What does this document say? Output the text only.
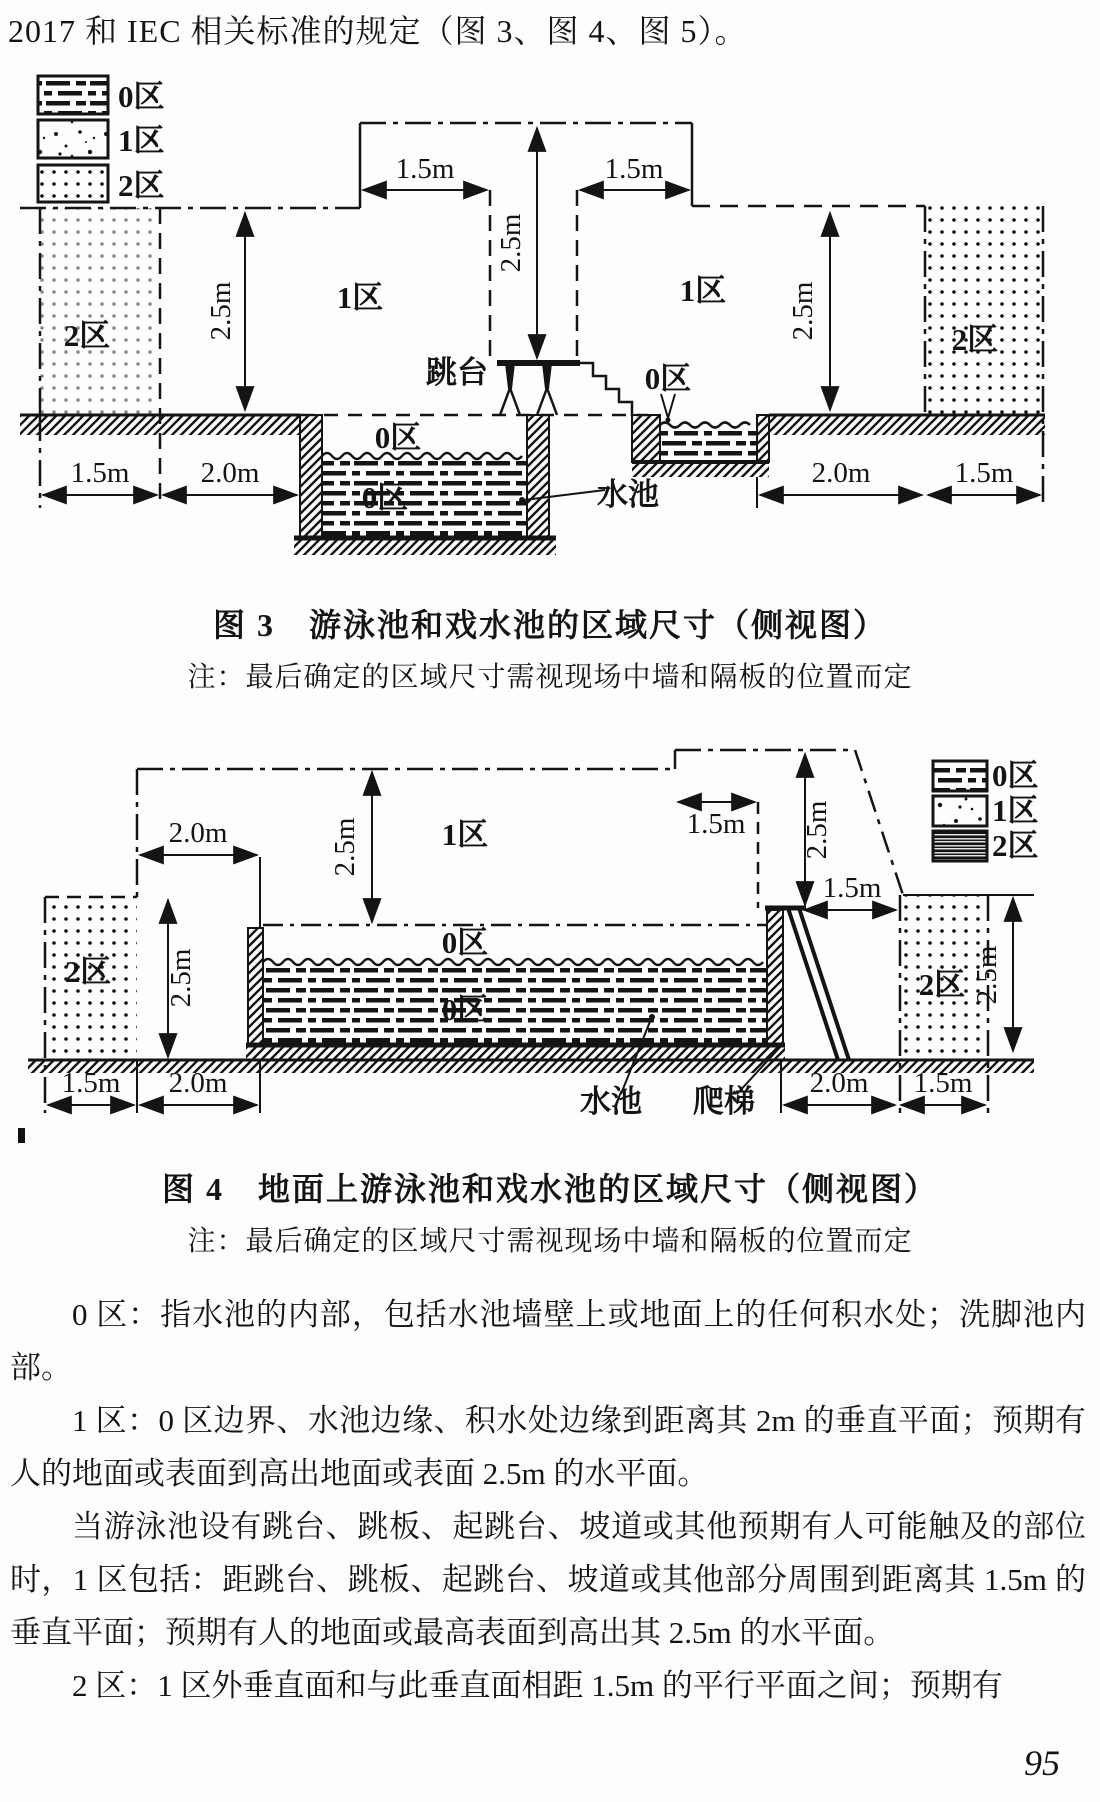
2017 和 IEC 相关标准的规定（图 3、图 4、图 5）。
0区
1区
2区	1.5m	1.5m
2.5m
2.5m
2.5m
1.5m 2.0m	2.0m	1.5m
2区
1区	1区
2区
0区
0区
0区
跳台
水池
图 3　游泳池和戏水池的区域尺寸（侧视图）
注：最后确定的区域尺寸需视现场中墙和隔板的位置而定
0区
1区
2区
2.0m	2.5m	1.5m 2.5m
1.5m
2.5m	2.5m
1.5m 2.0m	2.0m 1.5m
2区
1区
0区
0区
2区
水池 爬梯
图 4　地面上游泳池和戏水池的区域尺寸（侧视图）
注：最后确定的区域尺寸需视现场中墙和隔板的位置而定

0 区：指水池的内部，包括水池墙壁上或地面上的任何积水处；洗脚池内部。

1 区：0 区边界、水池边缘、积水处边缘到距离其 2m 的垂直平面；预期有人的地面或表面到高出地面或表面 2.5m 的水平面。

当游泳池设有跳台、跳板、起跳台、坡道或其他预期有人可能触及的部位时，1 区包括：距跳台、跳板、起跳台、坡道或其他部分周围到距离其 1.5m 的垂直平面；预期有人的地面或最高表面到高出其 2.5m 的水平面。

2 区：1 区外垂直面和与此垂直面相距 1.5m 的平行平面之间；预期有

95
